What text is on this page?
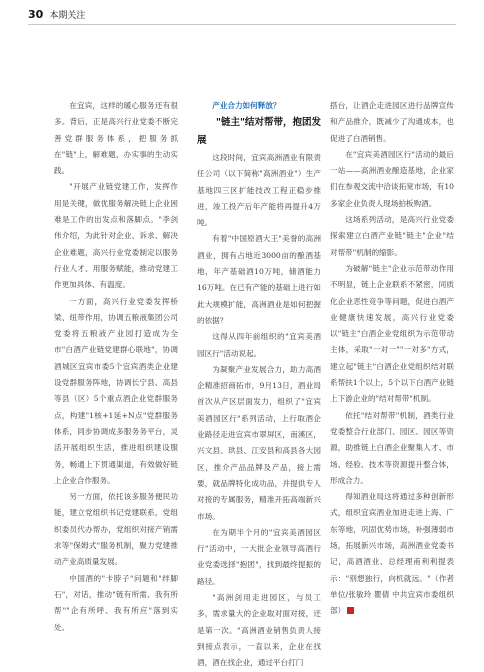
30 本期关注

在宜宾，这样的暖心服务还有很多。背后，正是高兴行业党委不断完善党群服务体系，把服务抓在"链"上，解难题、办实事的生动实践。

"开展产业链党建工作，发挥作用是关键，做优服务解决链上企业困难是工作的出发点和落脚点。"李剑伟介绍，为此针对企业、诉求、解决企业难题，高兴行业党委制定以服务行业人才、用服务赋能，推动党建工作更加具体、有温度。

一方面，高兴行业党委发挥桥梁、纽带作用，协调五粮液集团公司党委将五粮液产业园打造成为全市"白酒产业链党建群心联地"，协调酒城区宜宾市委5个宜宾酒类企业建设党群服务阵地，协调长宁县、高县等县（区）5个重点酒企业党群服务点，构建"1核+1延+N点"党群服务体系，同步协调成多服务务平台，灵活开展组织生活，推进组织建设服务，畅通上下贯通渠道，有效做好链上企业合作服务。

另一方面，依托该多服务便民功能，建立党组织书记党建联系，党组织委员代办帮办，党组织对接产销需求等"保姆式"服务机制，聚力党建推动产业高质量发展。

中国酒的"卡脖子"问题和"绊脚石"，对话，推动"链有所需、我有所帮""企有所呼、我有所应"落到实处。

产业合力如何释放？

"链主"结对帮带，抱团发展

这段时间，宜宾高洲酒业有限责任公司（以下简称"高洲酒业"）生产基地四三区扩能技改工程正稳步推进，竣工投产后年产能将再提升4万吨。

有着"中国原酒大王"美誉的高洲酒业，拥有占地近3000亩的酿酒基地，年产基础酒10万吨，储酒能力16万吨。在已有产能的基础上进行如此大规模扩能，高洲酒业是如何把握的依据？

这得从四年前组织的"宜宾美酒园区行"活动说起。

为凝聚产业发展合力，助力高酒企精准招商拓市，9月13日，酒业局首次从产区层面发力，组织了"宜宾美酒园区行"系列活动，上行取酒企业路径走进宜宾市翠屏区，南溪区，兴文县、珙县、江安县和高县各大园区，推介产品品牌及产品，接上需要，就品牌特化成功品，并提供专人对接的专属服务，精准开拓高端新兴市场。

在为期半个月的"宜宾美酒园区行"活动中，一大批企业领导高酒行业党委选择"抱团"，找到最终提振的路径。

"高洲剑用走进园区，与员工多，需求量大的企业取对面对接，还是第一次。"高洲酒业销售负责人接到接点表示，一直以来，企业在找酒，酒在找企业，通过平台打门

搭台，让酒企走进园区进行品牌宣传和产品推介，既减少了沟通成本，也促进了白酒销售。

在"宜宾美酒园区行"活动的最后一站——高洲酒业酿造基地，企业家们在参观交流中洽谈拓宽市场，有10多家企业负责人现场拍板购酒。

这场系列活动，是高兴行业党委探索建立白酒产业链"链主"企业"结对帮带"机制的缩影。

为破解"链主"企业示范带动作用不明显，链上企业联系不紧密，同质化企业恶性竞争等问题，促进白酒产业健康快速发展，高兴行业党委以"链主"白酒企业党组织为示范带动主体，采取"一对一""一对多"方式，建立起"链主"白酒企业党组织结对联系帮扶1个以上，5个以下白酒产业链上下游企业的"结对帮带"机制。

依托"结对帮带"机制，酒类行业党委整合行业部门、园区、园区等资源，助推链上白酒企业聚集人才、市场、经验、技术等资源提升整合体，形成合力。

得知酒业局这将通过多种创新形式，组织宜宾酒业加进走进上海、广东等地，巩固优势市场，补强薄弱市场，拓展新兴市场，高洲酒业党委书记，高酒酒业、总经理甫利利提表示："别想独行，向机就远。"（作者单位/张敏玲 瞿倩 中共宜宾市委组织部）
